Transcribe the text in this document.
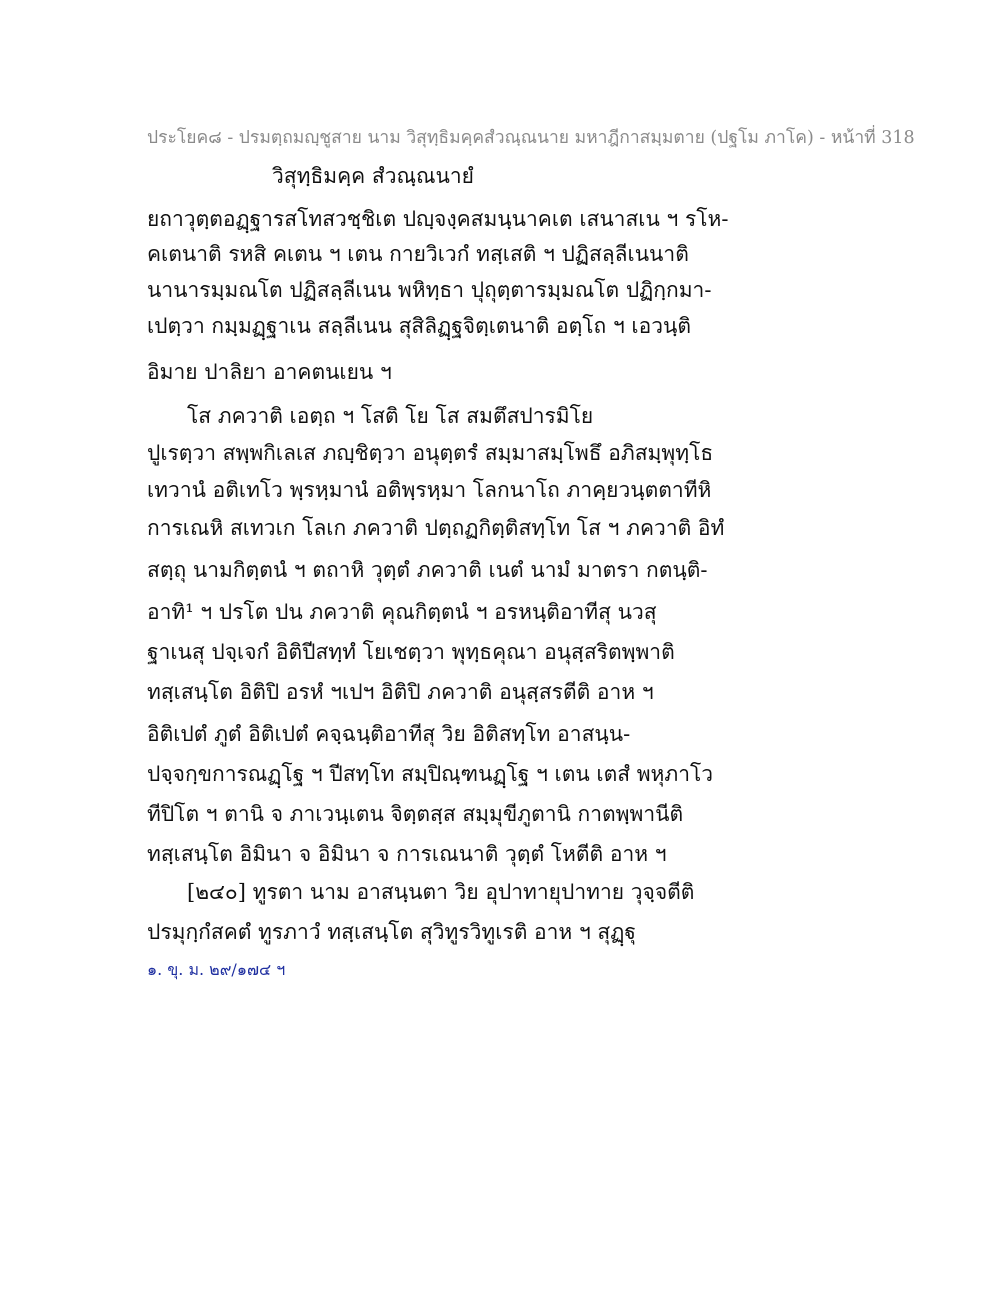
ประโยค๘ - ปรมตฺถมญฺชูสาย นาม วิสุทฺธิมคฺคสํวณฺณนาย มหาฎีกาสมฺมตาย (ปฐโม ภาโค) - หน้าที่ 318
วิสุทฺธิมคฺค สํวณฺณนายํ
ยถาวุตฺตอฏฺฐารสโทสวชฺชิเต ปญฺจงฺคสมนฺนาคเต เสนาสเน ฯ รโห-
คเตนาติ รหสิ คเตน ฯ เตน กายวิเวกํ ทสฺเสติ ฯ ปฏิสลฺลีเนนาติ
นานารมฺมณโต ปฏิสลฺลีเนน พหิทฺธา ปุถุตฺตารมฺมณโต ปฏิกฺกมา-
เปตฺวา กมฺมฏฺฐาเน สลฺลีเนน สุสิลิฏฺฐจิตฺเตนาติ อตฺโถ ฯ เอวนฺติ
อิมาย ปาลิยา อาคตนเยน ฯ
โส ภควาติ เอตฺถ ฯ โสติ โย โส สมตึสปารมิโย
ปูเรตฺวา สพฺพกิเลเส ภญฺชิตฺวา อนุตฺตรํ สมฺมาสมฺโพธึ อภิสมฺพุทฺโธ
เทวานํ อติเทโว พฺรหฺมานํ อติพฺรหฺมา โลกนาโถ ภาคฺยวนฺตตาทีหิ
การเณหิ สเทวเก โลเก ภควาติ ปตฺถฏกิตฺติสทฺโท โส ฯ ภควาติ อิทํ
สตฺถุ นามกิตฺตนํ ฯ ตถาหิ วุตฺตํ ภควาติ เนตํ นามํ มาตรา กตนฺติ-
อาทิ¹ ฯ ปรโต ปน ภควาติ คุณกิตฺตนํ ฯ อรหนฺติอาทีสุ นวสุ
ฐาเนสุ ปจฺเจกํ อิติปีสทฺทํ โยเชตฺวา พุทฺธคุณา อนุสฺสริตพฺพาติ
ทสฺเสนฺโต อิติปิ อรหํ ฯเปฯ อิติปิ ภควาติ อนุสฺสรตีติ อาห ฯ
อิติเปตํ ภูตํ อิติเปตํ คจฺฉนฺติอาทีสุ วิย อิติสทฺโท อาสนฺน-
ปจฺจกฺขการณฏฺโฐ ฯ ปีสทฺโท สมฺปิณฺฑนฏฺโฐ ฯ เตน เตสํ พหุภาโว
ทีปิโต ฯ ตานิ จ ภาเวนฺเตน จิตฺตสฺส สมฺมุขีภูตานิ กาตพฺพานีติ
ทสฺเสนฺโต อิมินา จ อิมินา จ การเณนาติ วุตฺตํ โหตีติ อาห ฯ
[๒๔๐] ทูรตา นาม อาสนฺนตา วิย อุปาทายุปาทาย วุจฺจตีติ
ปรมุกฺกํสคตํ ทูรภาวํ ทสฺเสนฺโต สุวิทูรวิทูเรติ อาห ฯ สุฏฺฐุ
๑. ขุ. ม. ๒๙/๑๗๔ ฯ
